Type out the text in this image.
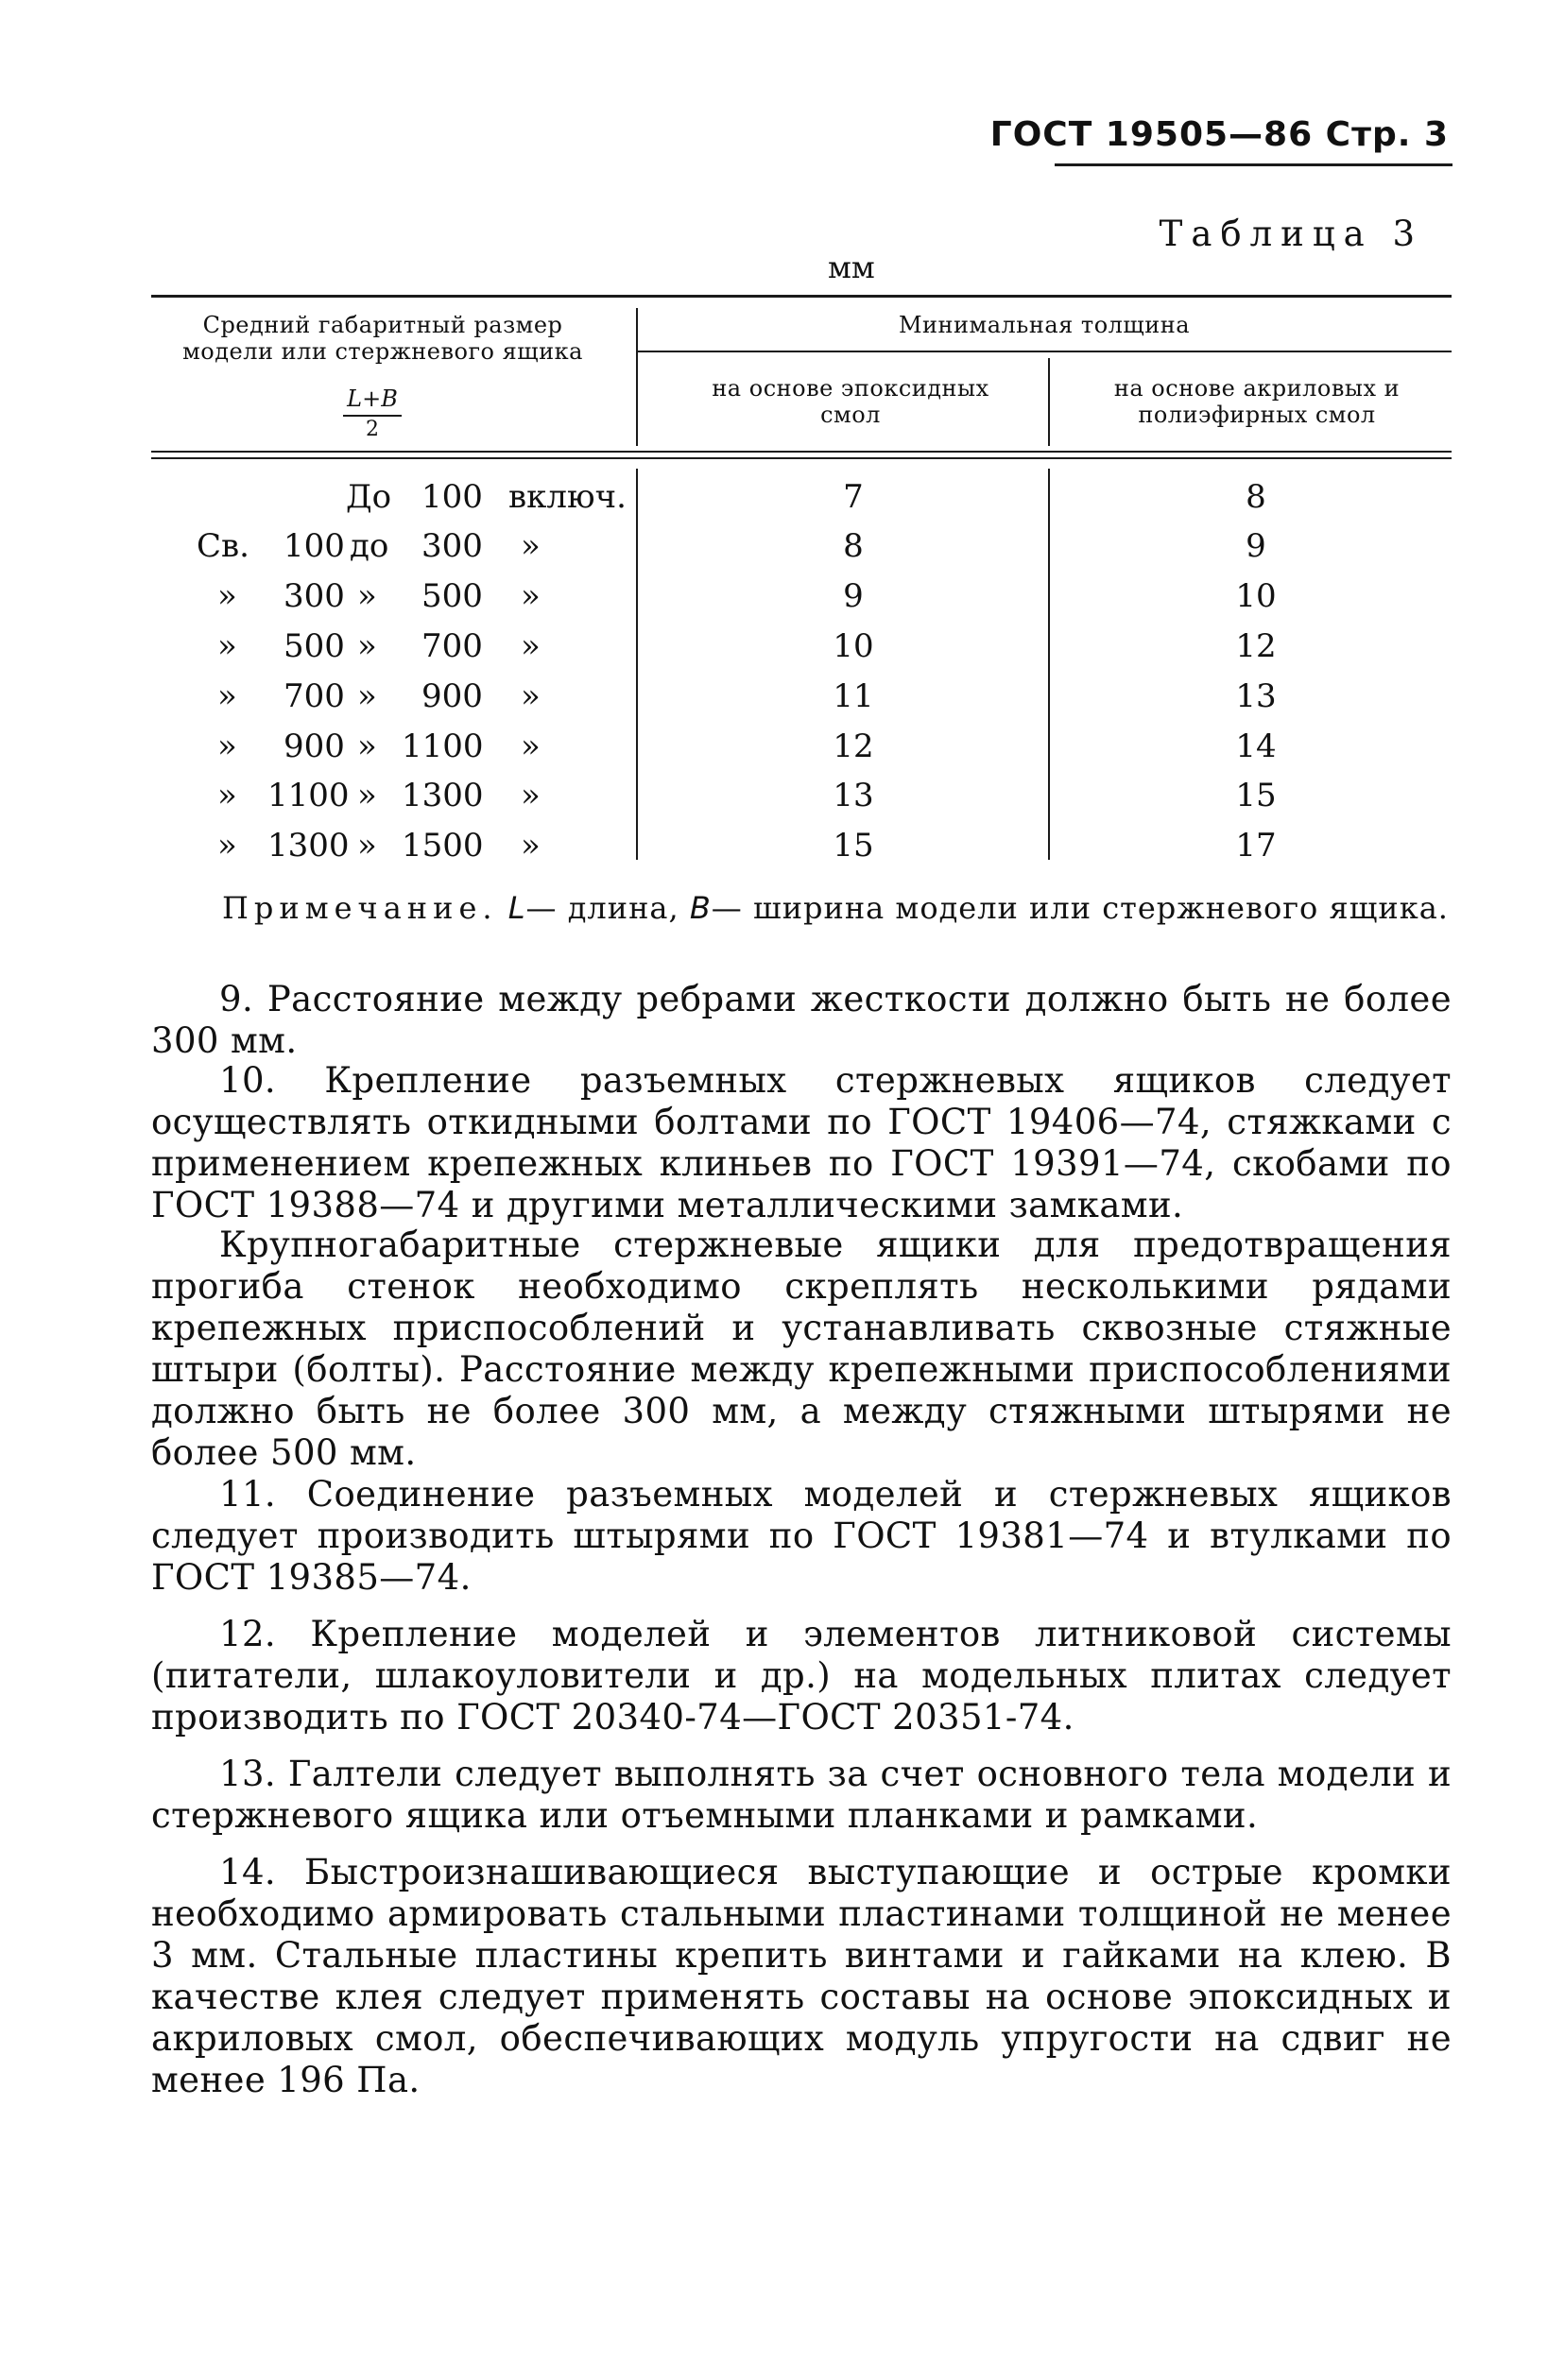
ГОСТ 19505—86 Стр. 3
Таблица 3
мм
Средний габаритный размер модели или стержневого ящика
L+B
2
Минимальная толщина
на основе эпоксидных смол
на основе акриловых и полиэфирных смол
До 100 включ.	7	8
Св. 100 до 300 »	8	9
» 300 » 500 »	9	10
» 500 » 700 »	10	12
» 700 » 900 »	11	13
» 900 » 1100 »	12	14
» 1100 » 1300 »	13	15
» 1300 » 1500 »	15	17
Примечание. L— длина, B— ширина модели или стержневого ящика.

9. Расстояние между ребрами жесткости должно быть не более 300 мм.

10. Крепление разъемных стержневых ящиков следует осуществлять откидными болтами по ГОСТ 19406—74, стяжками с применением крепежных клиньев по ГОСТ 19391—74, скобами по ГОСТ 19388—74 и другими металлическими замками.

Крупногабаритные стержневые ящики для предотвращения прогиба стенок необходимо скреплять несколькими рядами крепежных приспособлений и устанавливать сквозные стяжные штыри (болты). Расстояние между крепежными приспособлениями должно быть не более 300 мм, а между стяжными штырями не более 500 мм.

11. Соединение разъемных моделей и стержневых ящиков следует производить штырями по ГОСТ 19381—74 и втулками по ГОСТ 19385—74.

12. Крепление моделей и элементов литниковой системы (питатели, шлакоуловители и др.) на модельных плитах следует производить по ГОСТ 20340-74—ГОСТ 20351-74.

13. Галтели следует выполнять за счет основного тела модели и стержневого ящика или отъемными планками и рамками.

14. Быстроизнашивающиеся выступающие и острые кромки необходимо армировать стальными пластинами толщиной не менее 3 мм. Стальные пластины крепить винтами и гайками на клею. В качестве клея следует применять составы на основе эпоксидных и акриловых смол, обеспечивающих модуль упругости на сдвиг не менее 196 Па.
